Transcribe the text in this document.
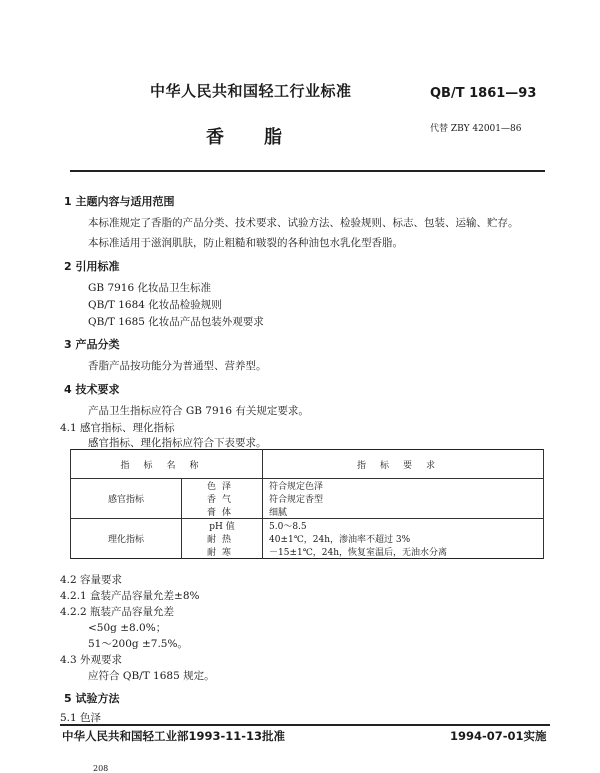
中华人民共和国轻工行业标准	QB/T 1861—93
香脂	代替 ZBY 42001—86
1 主题内容与适用范围
本标准规定了香脂的产品分类、技术要求、试验方法、检验规则、标志、包装、运输、贮存。
本标准适用于滋润肌肤，防止粗糙和皲裂的各种油包水乳化型香脂。
2 引用标准
GB 7916 化妆品卫生标准
QB/T 1684 化妆品检验规则
QB/T 1685 化妆品产品包装外观要求
3 产品分类
香脂产品按功能分为普通型、营养型。
4 技术要求
产品卫生指标应符合 GB 7916 有关规定要求。
4.1 感官指标、理化指标
感官指标、理化指标应符合下表要求。
指标名称		指标要求
感官指标	色泽	符合规定色泽
	香气	符合规定香型
	膏体	细腻
理化指标	pH 值	5.0～8.5
	耐热	40±1℃，24h，渗油率不超过 3%
	耐寒	－15±1℃，24h，恢复室温后，无油水分离
4.2 容量要求
4.2.1 盒装产品容量允差±8%
4.2.2 瓶装产品容量允差
<50g ±8.0%；
51～200g ±7.5%。
4.3 外观要求
应符合 QB/T 1685 规定。
5 试验方法
5.1 色泽
中华人民共和国轻工业部1993-11-13批准	1994-07-01实施
208
